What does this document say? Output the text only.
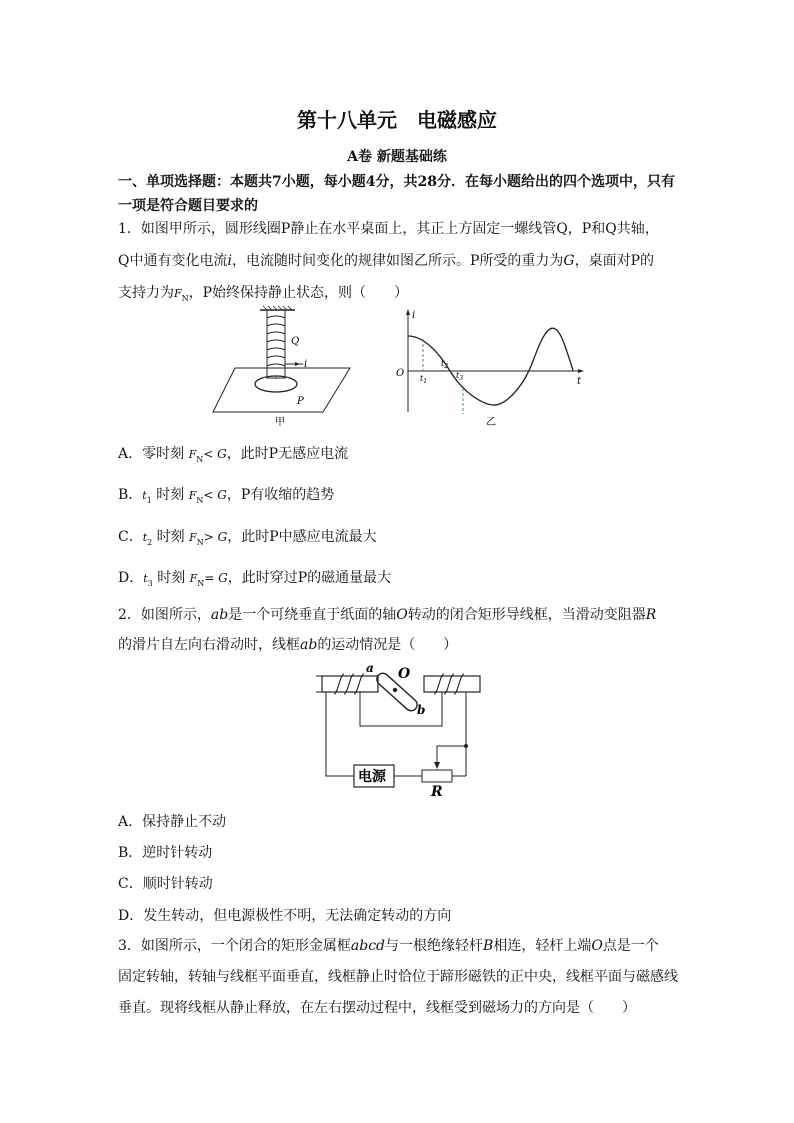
第十八单元　电磁感应
A卷 新题基础练
一、单项选择题：本题共7小题，每小题4分，共28分．在每小题给出的四个选项中，只有一项是符合题目要求的
1．如图甲所示，圆形线圈P静止在水平桌面上，其正上方固定一螺线管Q，P和Q共轴，
Q中通有变化电流i，电流随时间变化的规律如图乙所示。P所受的重力为G，桌面对P的
支持力为$F_N$，P始终保持静止状态，则（　　）
Q
i
P
甲
i
O
t
$t_1$
$t_2$
$t_3$
乙
A．零时刻 $F_N< G$，此时P无感应电流
B．$t_1$ 时刻 $F_N< G$，P有收缩的趋势
C．$t_2$ 时刻 $F_N> G$，此时P中感应电流最大
D．$t_3$ 时刻 $F_N= G$，此时穿过P的磁通量最大
2．如图所示，ab是一个可绕垂直于纸面的轴O转动的闭合矩形导线框，当滑动变阻器R
的滑片自左向右滑动时，线框ab的运动情况是（　　）
a O
b
电源
R
A．保持静止不动
B．逆时针转动
C．顺时针转动
D．发生转动，但电源极性不明，无法确定转动的方向
3．如图所示，一个闭合的矩形金属框abcd与一根绝缘轻杆B相连，轻杆上端O点是一个
固定转轴，转轴与线框平面垂直，线框静止时恰位于蹄形磁铁的正中央，线框平面与磁感线
垂直。现将线框从静止释放，在左右摆动过程中，线框受到磁场力的方向是（　　）
